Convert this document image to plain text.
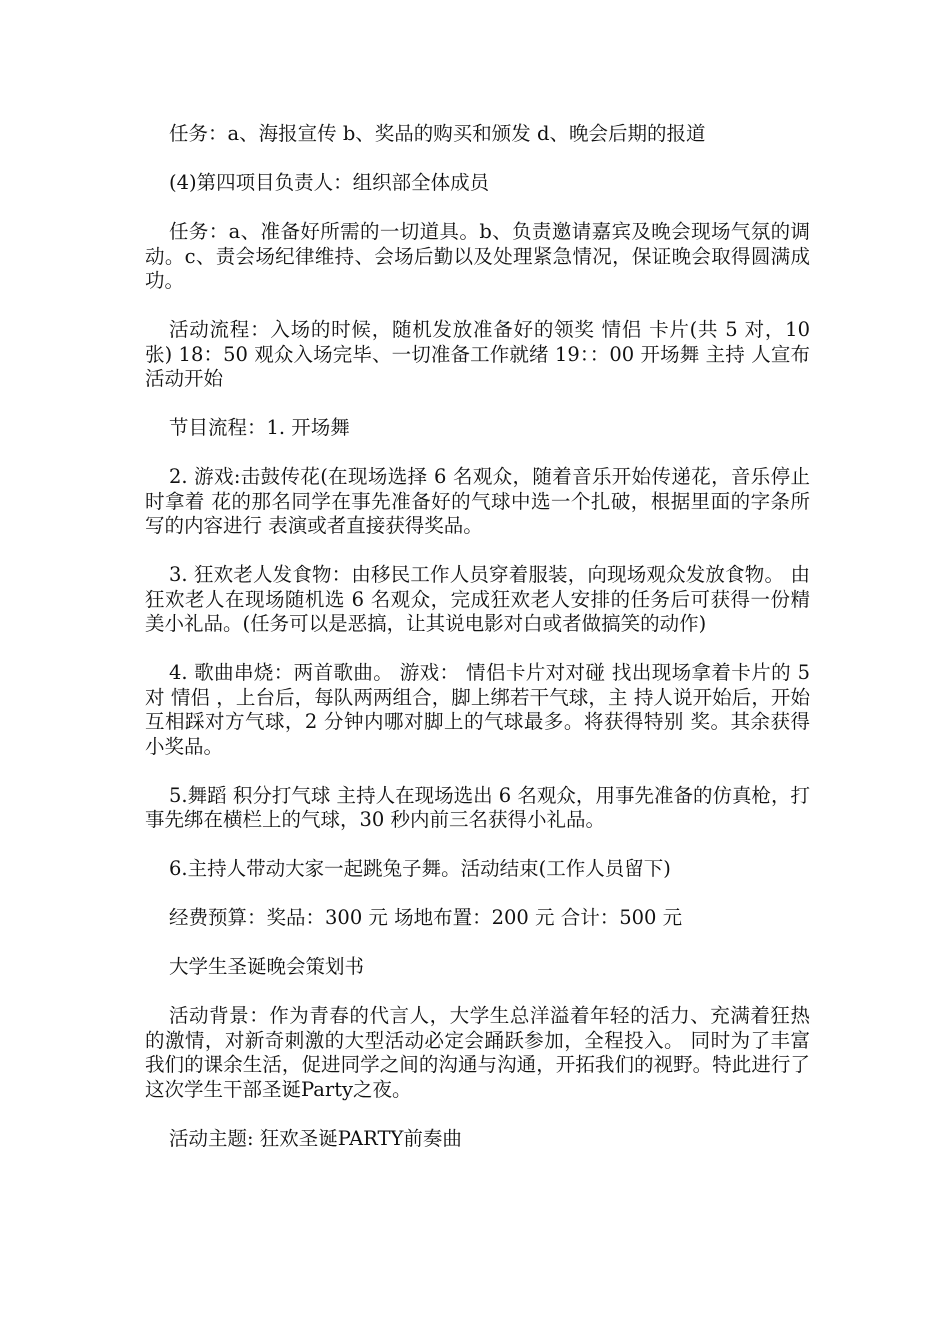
任务：a、海报宣传 b、奖品的购买和颁发 d、晚会后期的报道

(4)第四项目负责人：组织部全体成员

任务：a、准备好所需的一切道具。b、负责邀请嘉宾及晚会现场气氛的调动。c、责会场纪律维持、会场后勤以及处理紧急情况，保证晚会取得圆满成功。

活动流程：入场的时候，随机发放准备好的领奖 情侣 卡片(共 5 对，10 张) 18：50 观众入场完毕、一切准备工作就绪 19：：00 开场舞 主持 人宣布活动开始

节目流程：1. 开场舞

2. 游戏:击鼓传花(在现场选择 6 名观众，随着音乐开始传递花，音乐停止时拿着 花的那名同学在事先准备好的气球中选一个扎破，根据里面的字条所写的内容进行 表演或者直接获得奖品。

3. 狂欢老人发食物：由移民工作人员穿着服装，向现场观众发放食物。 由狂欢老人在现场随机选 6 名观众，完成狂欢老人安排的任务后可获得一份精 美小礼品。(任务可以是恶搞，让其说电影对白或者做搞笑的动作)

4. 歌曲串烧：两首歌曲。 游戏： 情侣卡片对对碰 找出现场拿着卡片的 5 对 情侣 ，上台后，每队两两组合，脚上绑若干气球，主 持人说开始后，开始互相踩对方气球，2 分钟内哪对脚上的气球最多。将获得特别 奖。其余获得小奖品。

5.舞蹈 积分打气球 主持人在现场选出 6 名观众，用事先准备的仿真枪，打事先绑在横栏上的气球，30 秒内前三名获得小礼品。

6.主持人带动大家一起跳兔子舞。活动结束(工作人员留下)

经费预算：奖品：300 元 场地布置：200 元 合计：500 元

大学生圣诞晚会策划书

活动背景：作为青春的代言人，大学生总洋溢着年轻的活力、充满着狂热的激情，对新奇刺激的大型活动必定会踊跃参加，全程投入。 同时为了丰富我们的课余生活，促进同学之间的沟通与沟通，开拓我们的视野。特此进行了这次学生干部圣诞Party之夜。

活动主题: 狂欢圣诞PARTY前奏曲
